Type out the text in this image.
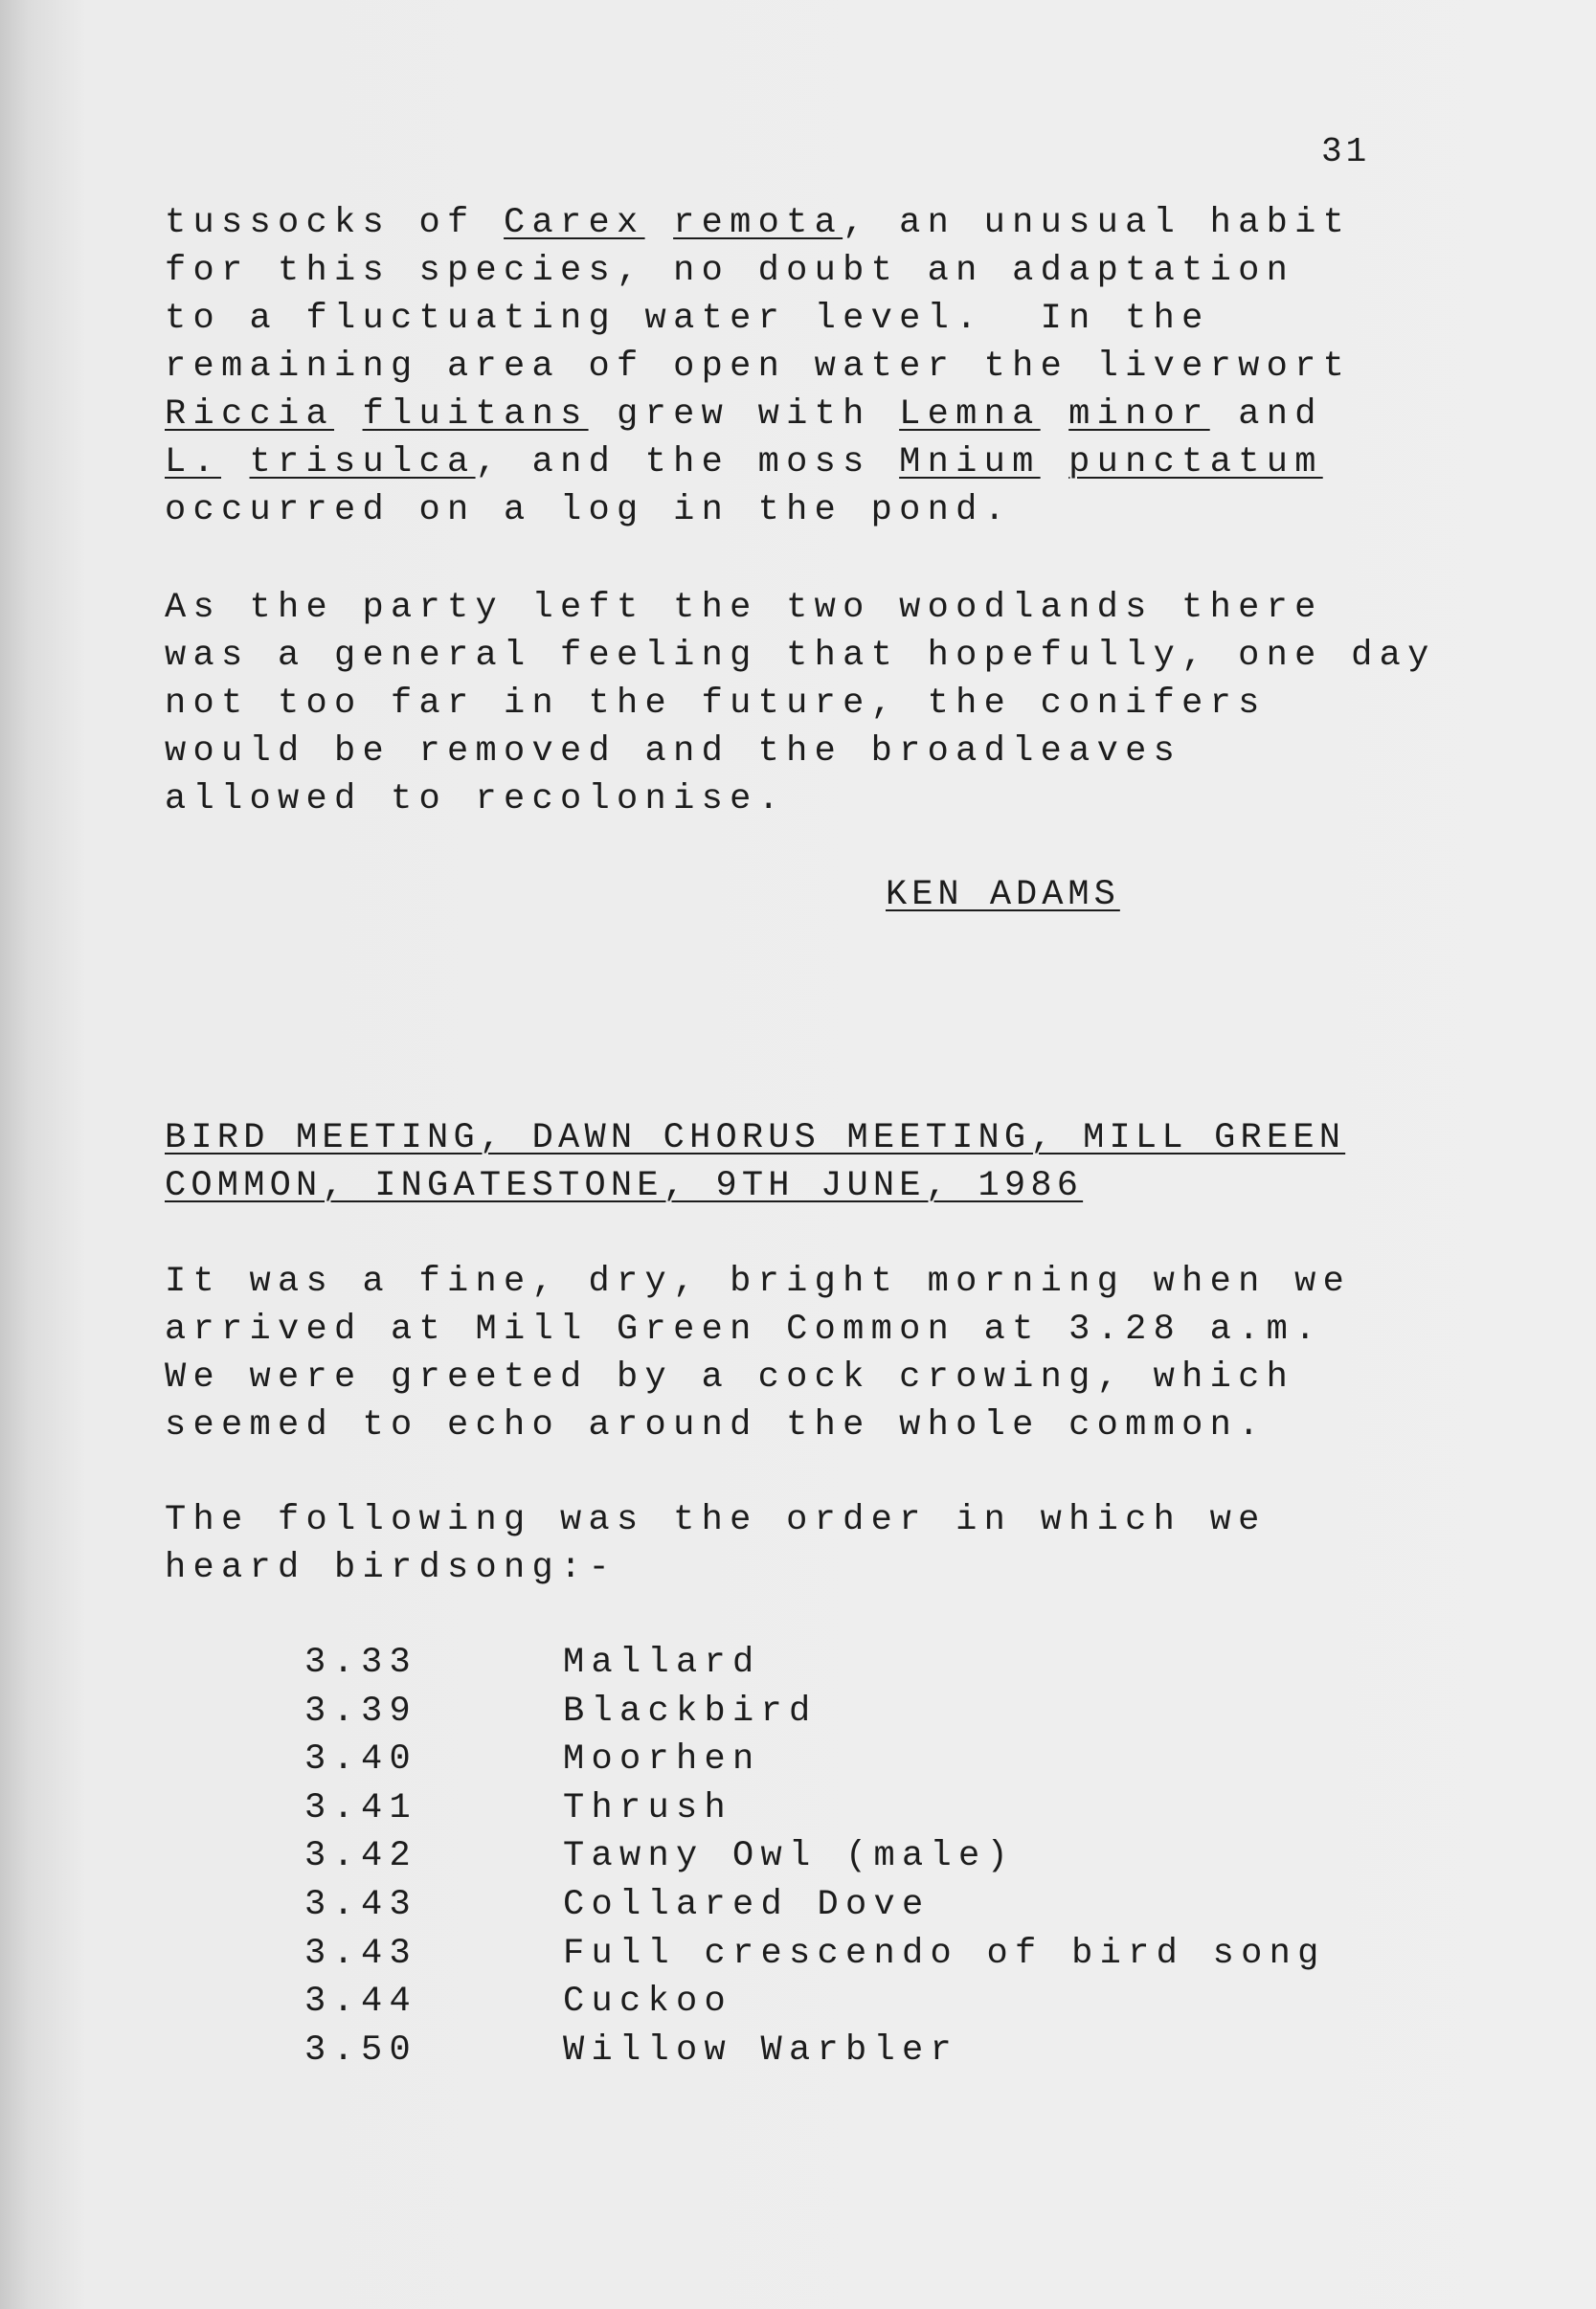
31
tussocks of Carex remota, an unusual habit
for this species, no doubt an adaptation
to a fluctuating water level.  In the
remaining area of open water the liverwort
Riccia fluitans grew with Lemna minor and
L. trisulca, and the moss Mnium punctatum
occurred on a log in the pond.
As the party left the two woodlands there
was a general feeling that hopefully, one day
not too far in the future, the conifers
would be removed and the broadleaves
allowed to recolonise.
KEN ADAMS
BIRD MEETING, DAWN CHORUS MEETING, MILL GREEN
COMMON, INGATESTONE, 9TH JUNE, 1986
It was a fine, dry, bright morning when we
arrived at Mill Green Common at 3.28 a.m.
We were greeted by a cock crowing, which
seemed to echo around the whole common.
The following was the order in which we
heard birdsong:-
3.33	Mallard
3.39	Blackbird
3.40	Moorhen
3.41	Thrush
3.42	Tawny Owl (male)
3.43	Collared Dove
3.43	Full crescendo of bird song
3.44	Cuckoo
3.50	Willow Warbler
